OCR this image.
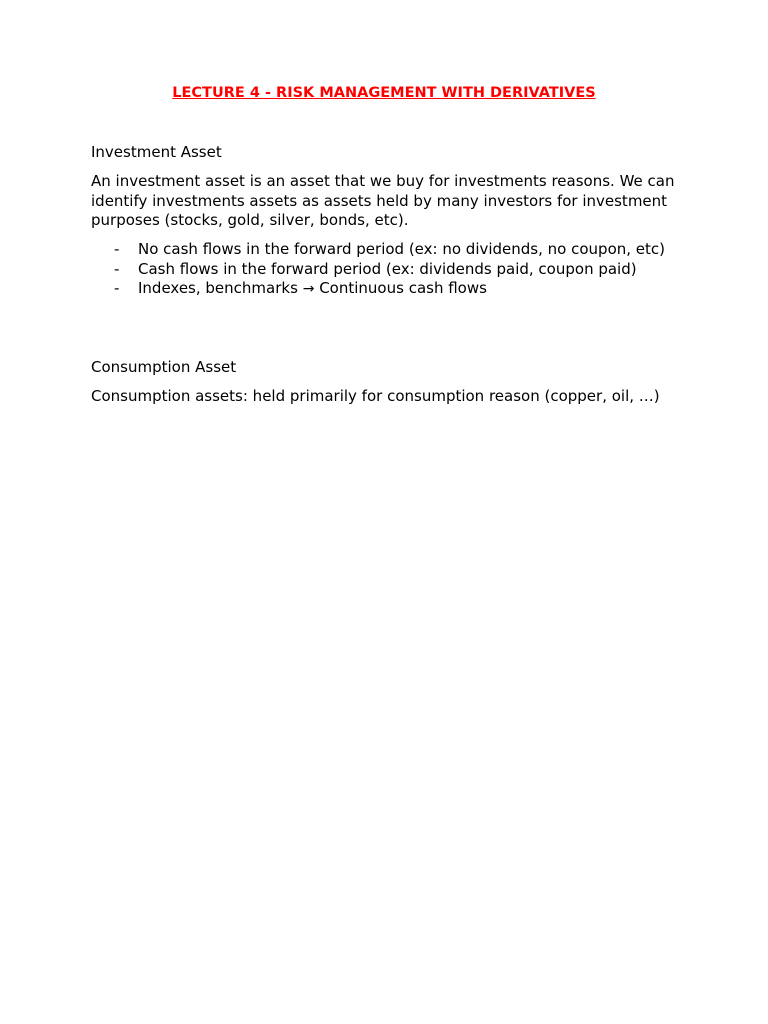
LECTURE 4 - RISK MANAGEMENT WITH DERIVATIVES
Investment Asset
An investment asset is an asset that we buy for investments reasons. We can identify investments assets as assets held by many investors for investment purposes (stocks, gold, silver, bonds, etc).
- No cash flows in the forward period (ex: no dividends, no coupon, etc)
- Cash flows in the forward period (ex: dividends paid, coupon paid)
- Indexes, benchmarks → Continuous cash flows
Consumption Asset
Consumption assets: held primarily for consumption reason (copper, oil, …)
